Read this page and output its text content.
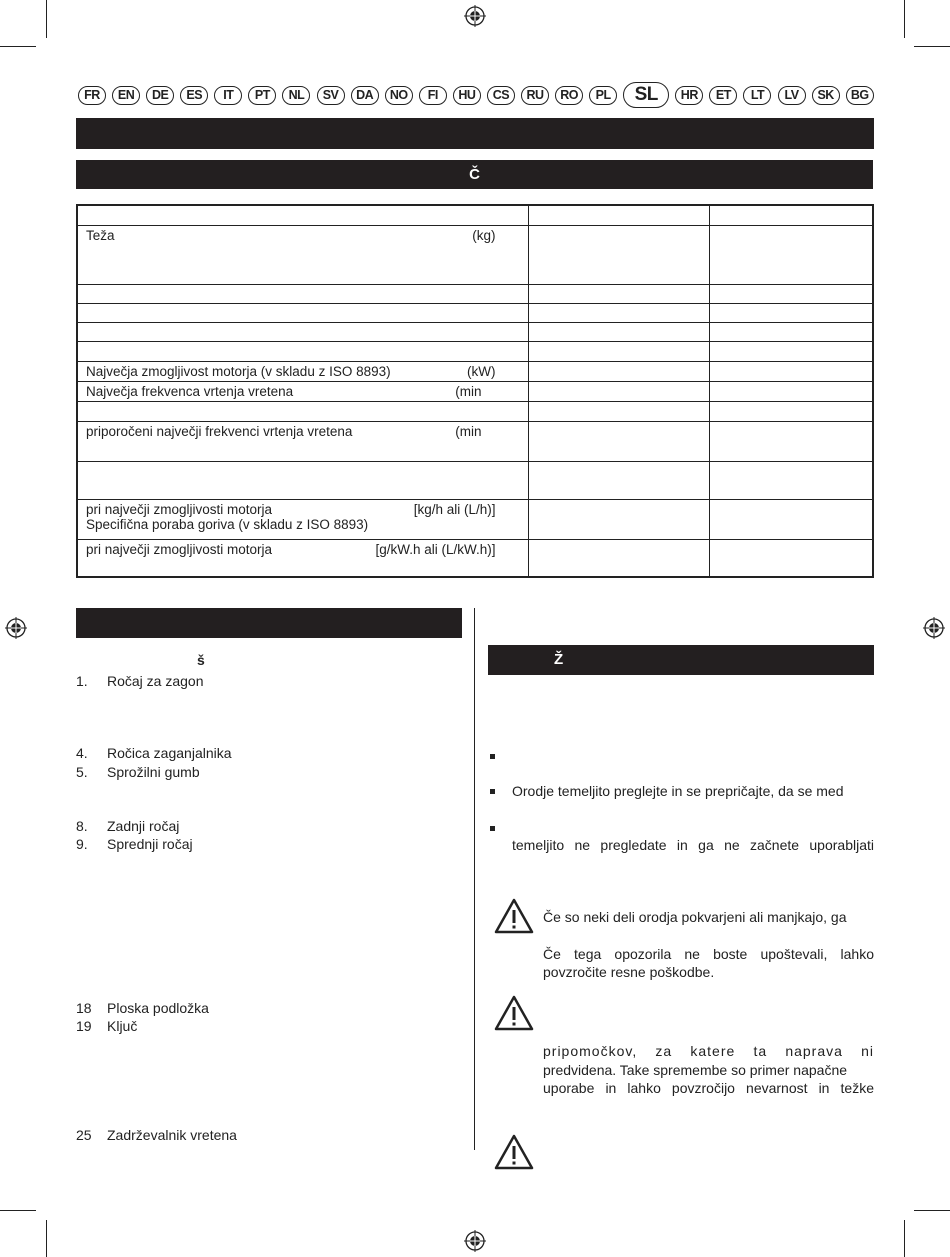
FR	EN	DE	ES	IT	PT	NL	SV	DA	NO	FI	HU	CS	RU	RO	PL	SL	HR	ET	LT	LV	SK	BG
Č

Teža (kg)		

Največja zmogljivost motorja (v skladu z ISO 8893) (kW)		

Največja frekvenca vrtenja vretena (min		

priporočeni največji frekvenci vrtenja vretena (min		

pri največji zmogljivosti motorja [kg/h ali (L/h)]
Specifična poraba goriva (v skladu z ISO 8893)		

pri največji zmogljivosti motorja [g/kW.h ali (L/kW.h)]		

š
1. Ročaj za zagon
4. Ročica zaganjalnika
5. Sprožilni gumb
8. Zadnji ročaj
9. Sprednji ročaj
18 Ploska podložka
19 Ključ
25 Zadrževalnik vretena
Ž
Orodje temeljito preglejte in se prepričajte, da se med
temeljito ne pregledate in ga ne začnete uporabljati
Če so neki deli orodja pokvarjeni ali manjkajo, ga
Če tega opozorila ne boste upoštevali, lahko
povzročite resne poškodbe.
pripomočkov, za katere ta naprava ni
predvidena. Take spremembe so primer napačne
uporabe in lahko povzročijo nevarnost in težke
